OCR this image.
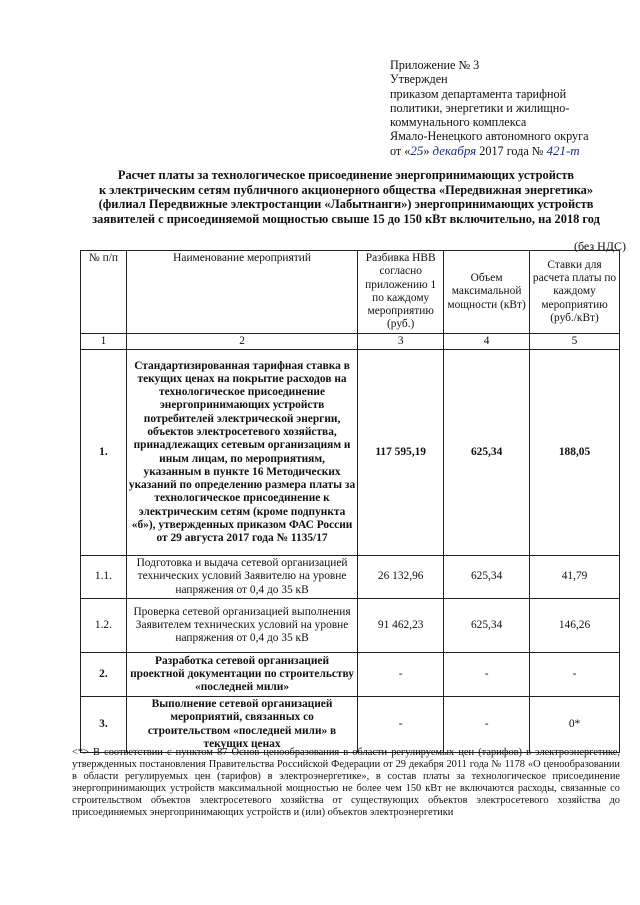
Приложение № 3
Утвержден
приказом департамента тарифной
политики, энергетики и жилищно-
коммунального комплекса
Ямало-Ненецкого автономного округа
от «25» декабря 2017 года № 421-т
Расчет платы за технологическое присоединение энергопринимающих устройств
к электрическим сетям публичного акционерного общества «Передвижная энергетика»
(филиал Передвижные электростанции «Лабытнанги») энергопринимающих устройств
заявителей с присоединяемой мощностью свыше 15 до 150 кВт включительно, на 2018 год
(без НДС)
№ п/п	Наименование мероприятий	Разбивка НВВ согласно приложению 1 по каждому мероприятию (руб.)	Объем максимальной мощности (кВт)	Ставки для расчета платы по каждому мероприятию (руб./кВт)
1	2	3	4	5
1.	Стандартизированная тарифная ставка в текущих ценах на покрытие расходов на технологическое присоединение энергопринимающих устройств потребителей электрической энергии, объектов электросетевого хозяйства, принадлежащих сетевым организациям и иным лицам, по мероприятиям, указанным в пункте 16 Методических указаний по определению размера платы за технологическое присоединение к электрическим сетям (кроме подпункта «б»), утвержденных приказом ФАС России от 29 августа 2017 года № 1135/17	117 595,19	625,34	188,05
1.1.	Подготовка и выдача сетевой организацией технических условий Заявителю на уровне напряжения от 0,4 до 35 кВ	26 132,96	625,34	41,79
1.2.	Проверка сетевой организацией выполнения Заявителем технических условий на уровне напряжения от 0,4 до 35 кВ	91 462,23	625,34	146,26
2.	Разработка сетевой организацией проектной документации по строительству «последней мили»	-	-	-
3.	Выполнение сетевой организацией мероприятий, связанных со строительством «последней мили» в текущих ценах	-	-	0*
<*> В соответствии с пунктом 87 Основ ценообразования в области регулируемых цен (тарифов) в электроэнергетике, утвержденных постановления Правительства Российской Федерации от 29 декабря 2011 года № 1178 «О ценообразовании в области регулируемых цен (тарифов) в электроэнергетике», в состав платы за технологическое присоединение энергопринимающих устройств максимальной мощностью не более чем 150 кВт не включаются расходы, связанные со строительством объектов электросетевого хозяйства от существующих объектов электросетевого хозяйства до присоединяемых энергопринимающих устройств и (или) объектов электроэнергетики
